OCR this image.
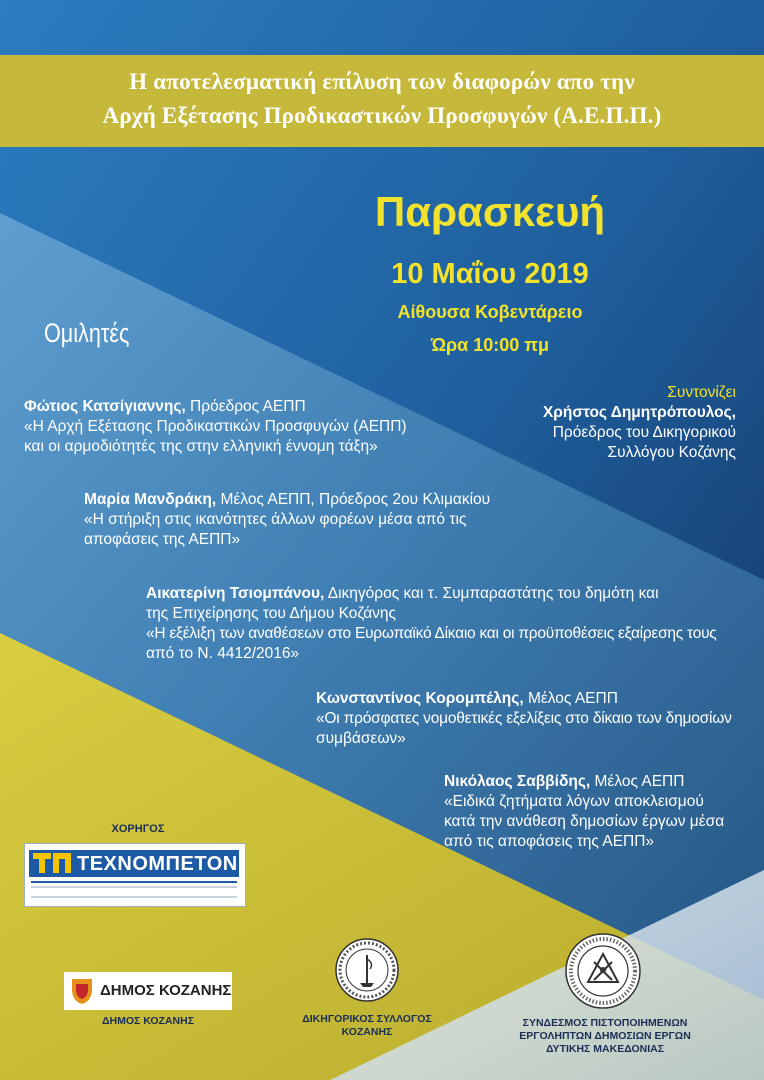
Η αποτελεσματική επίλυση των διαφορών απο την
Αρχή Εξέτασης Προδικαστικών Προσφυγών (Α.Ε.Π.Π.)
Παρασκευή
10 Μαΐου 2019
Αίθουσα Κοβεντάρειο
Ώρα 10:00 πμ
Ομιλητές
Συντονίζει
Χρήστος Δημητρόπουλος,
Πρόεδρος του Δικηγορικού
Συλλόγου Κοζάνης
Φώτιος Κατσίγιαννης, Πρόεδρος ΑΕΠΠ
«Η Αρχή Εξέτασης Προδικαστικών Προσφυγών (ΑΕΠΠ)
και οι αρμοδιότητές της στην ελληνική έννομη τάξη»
Μαρία Μανδράκη, Μέλος ΑΕΠΠ, Πρόεδρος 2ου Κλιμακίου
«Η στήριξη στις ικανότητες άλλων φορέων μέσα από τις
αποφάσεις της ΑΕΠΠ»
Αικατερίνη Τσιομπάνου, Δικηγόρος και τ. Συμπαραστάτης του δημότη και
της Επιχείρησης του Δήμου Κοζάνης
«Η εξέλιξη των αναθέσεων στο Ευρωπαϊκό Δίκαιο και οι προϋποθέσεις εξαίρεσης τους
από το Ν. 4412/2016»
Κωνσταντίνος Κορομπέλης, Μέλος ΑΕΠΠ
«Οι πρόσφατες νομοθετικές εξελίξεις στο δίκαιο των δημοσίων
συμβάσεων»
Νικόλαος Σαββίδης, Μέλος ΑΕΠΠ
«Ειδικά ζητήματα λόγων αποκλεισμού
κατά την ανάθεση δημοσίων έργων μέσα
από τις αποφάσεις της ΑΕΠΠ»
ΧΟΡΗΓΟΣ
ΤΕΧΝΟΜΠΕΤΟΝ
ΔΗΜΟΣ ΚΟΖΑΝΗΣ
ΔΗΜΟΣ ΚΟΖΑΝΗΣ	ΔΙΚΗΓΟΡΙΚΟΣ ΣΥΛΛΟΓΟΣ
ΚΟΖΑΝΗΣ
ΣΥΝΔΕΣΜΟΣ ΠΙΣΤΟΠΟΙΗΜΕΝΩΝ
ΕΡΓΟΛΗΠΤΩΝ ΔΗΜΟΣΙΩΝ ΕΡΓΩΝ
ΔΥΤΙΚΗΣ ΜΑΚΕΔΟΝΙΑΣ
